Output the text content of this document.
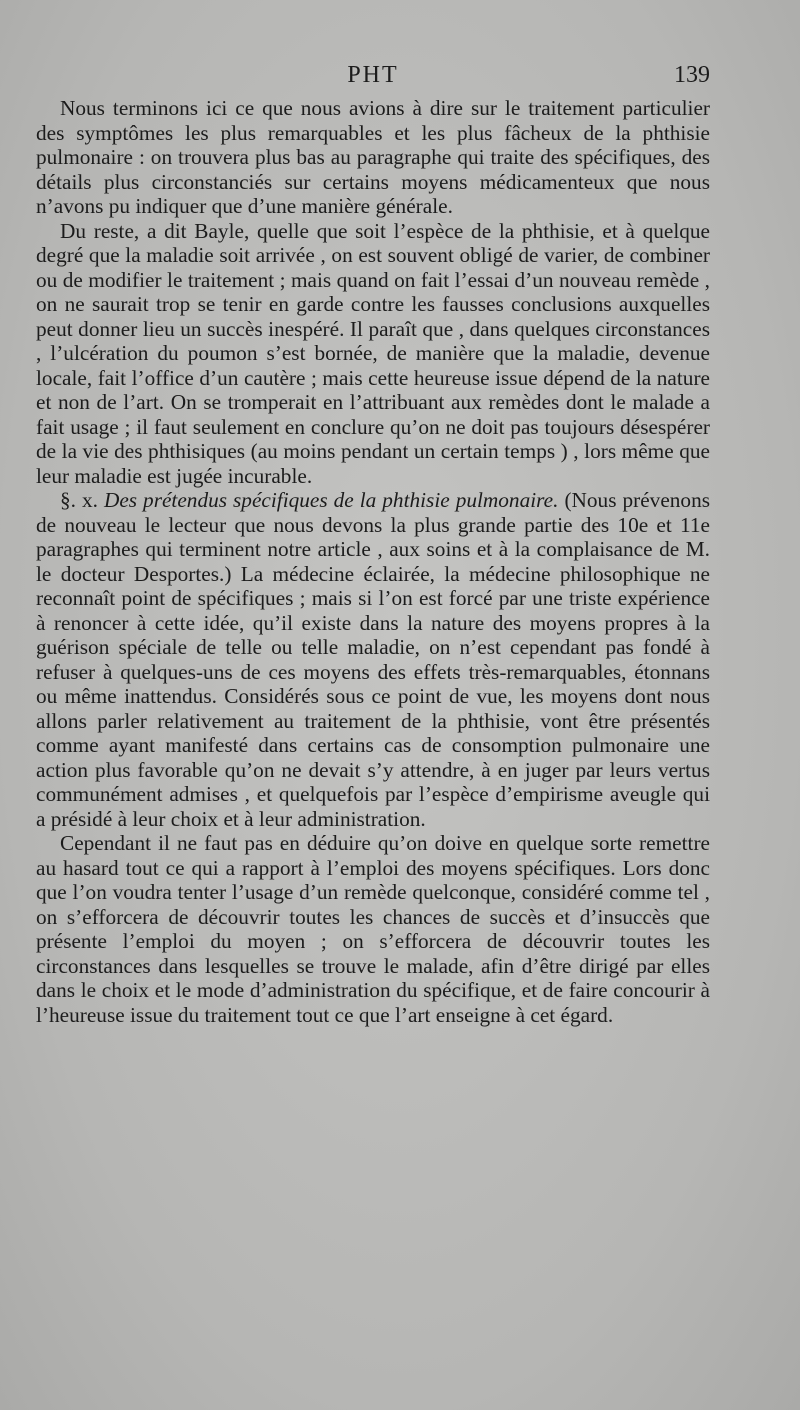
PHT	139

Nous terminons ici ce que nous avions à dire sur le traitement particulier des symptômes les plus remarquables et les plus fâcheux de la phthisie pulmonaire : on trouvera plus bas au paragraphe qui traite des spécifiques, des détails plus circonstanciés sur certains moyens médicamenteux que nous n’avons pu indiquer que d’une manière générale.

Du reste, a dit Bayle, quelle que soit l’espèce de la phthisie, et à quelque degré que la maladie soit arrivée , on est souvent obligé de varier, de combiner ou de modifier le traitement ; mais quand on fait l’essai d’un nouveau remède , on ne saurait trop se tenir en garde contre les fausses conclusions auxquelles peut donner lieu un succès inespéré. Il paraît que , dans quelques circonstances , l’ulcération du poumon s’est bornée, de manière que la maladie, devenue locale, fait l’office d’un cautère ; mais cette heureuse issue dépend de la nature et non de l’art. On se tromperait en l’attribuant aux remèdes dont le malade a fait usage ; il faut seulement en conclure qu’on ne doit pas toujours désespérer de la vie des phthisiques (au moins pendant un certain temps ) , lors même que leur maladie est jugée incurable.

§. x. Des prétendus spécifiques de la phthisie pulmonaire. (Nous prévenons de nouveau le lecteur que nous devons la plus grande partie des 10e et 11e paragraphes qui terminent notre article , aux soins et à la complaisance de M. le docteur Desportes.) La médecine éclairée, la médecine philosophique ne reconnaît point de spécifiques ; mais si l’on est forcé par une triste expérience à renoncer à cette idée, qu’il existe dans la nature des moyens propres à la guérison spéciale de telle ou telle maladie, on n’est cependant pas fondé à refuser à quelques-uns de ces moyens des effets très-remarquables, étonnans ou même inattendus. Considérés sous ce point de vue, les moyens dont nous allons parler relativement au traitement de la phthisie, vont être présentés comme ayant manifesté dans certains cas de consomption pulmonaire une action plus favorable qu’on ne devait s’y attendre, à en juger par leurs vertus communément admises , et quelquefois par l’espèce d’empirisme aveugle qui a présidé à leur choix et à leur administration.

Cependant il ne faut pas en déduire qu’on doive en quelque sorte remettre au hasard tout ce qui a rapport à l’emploi des moyens spécifiques. Lors donc que l’on voudra tenter l’usage d’un remède quelconque, considéré comme tel , on s’efforcera de découvrir toutes les chances de succès et d’insuccès que présente l’emploi du moyen ; on s’efforcera de découvrir toutes les circonstances dans lesquelles se trouve le malade, afin d’être dirigé par elles dans le choix et le mode d’administration du spécifique, et de faire concourir à l’heureuse issue du traitement tout ce que l’art enseigne à cet égard.
